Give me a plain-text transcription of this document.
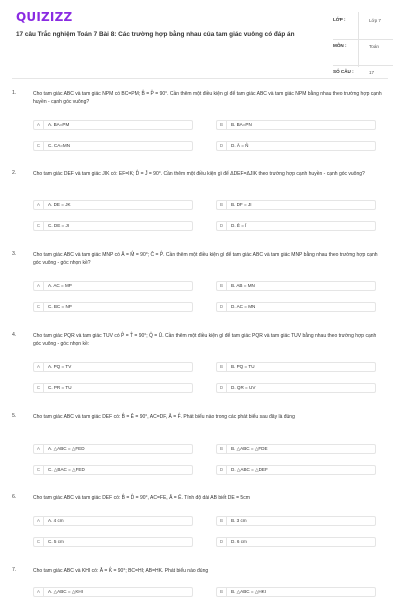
QUIZIZZ
17 câu Trắc nghiệm Toán 7 Bài 8: Các trường hợp bằng nhau của tam giác vuông có đáp án
LỚP :	Lớp 7
MÔN :	Toán
SỐ CÂU :	17
1.	Cho tam giác ABC và tam giác NPM có BC=PM; B̂ = P̂ = 90°. Cần thêm một điều kiện gì để tam giác ABC và tam giác NPM bằng nhau theo trường hợp cạnh huyền - cạnh góc vuông?

A	A. BA=PM	B	B. BA=PN
C	C. CA=MN	D	D. Â = N̂
2.	Cho tam giác DEF và tam giác JIK có: EF=IK; D̂ = Ĵ = 90°. Cần thêm một điều kiện gì để ΔDEF=ΔJIK theo trường hợp cạnh huyền - cạnh góc vuông?

A	A. DE = JK	B	B. DF = JI
C	C. DE = JI	D	D. Ê = Î
3.	Cho tam giác ABC và tam giác MNP có Â = M̂ = 90°; Ĉ = P̂. Cần thêm một điều kiện gì để tam giác ABC và tam giác MNP bằng nhau theo trường hợp cạnh góc vuông - góc nhọn kề?

A	A. AC = MP	B	B. AB = MN
C	C. BC = NP	D	D. AC = MN
4.	Cho tam giác PQR và tam giác TUV có P̂ = T̂ = 90°; Q̂ = Û. Cần thêm một điều kiện gì để tam giác PQR và tam giác TUV bằng nhau theo trường hợp cạnh góc vuông - góc nhọn kề:

A	A. PQ = TV	B	B. PQ = TU
C	C. PR = TU	D	D. QR = UV
5.	Cho tam giác ABC và tam giác DEF có: B̂ = Ê = 90°, AC=DF, Â = F̂. Phát biểu nào trong các phát biểu sau đây là đúng

A	A. △ABC = △FED	B	B. △ABC = △FDE
C	C. △BAC = △FED	D	D. △ABC = △DEF
6.	Cho tam giác ABC và tam giác DEF có: B̂ = D̂ = 90°, AC=FE, Â = Ê. Tính độ dài AB biết DE = 5cm

A	A. 4 cm	B	B. 3 cm
C	C. 5 cm	D	D. 6 cm
7.	Cho tam giác ABC và KHI có: Â = K̂ = 90°; BC=HI; AB=HK. Phát biểu nào đúng

A	A. △ABC = △KHI	B	B. △ABC = △HKI
